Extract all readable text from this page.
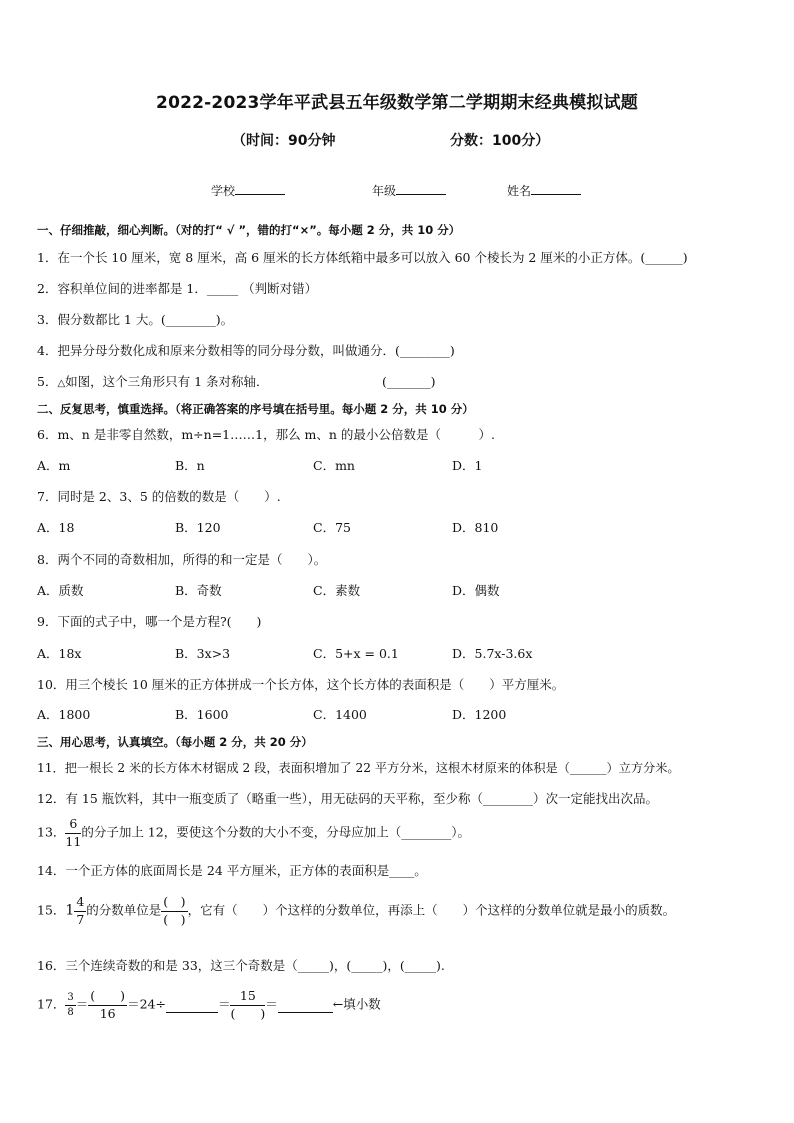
2022-2023学年平武县五年级数学第二学期期末经典模拟试题
（时间：90分钟	分数：100分）
学校	年级	姓名
一、仔细推敲，细心判断。（对的打“ √ ”，错的打“×”。每小题 2 分，共 10 分）
1．在一个长 10 厘米，宽 8 厘米，高 6 厘米的长方体纸箱中最多可以放入 60 个棱长为 2 厘米的小正方体。(______)
2．容积单位间的进率都是 1．_____ （判断对错）
3．假分数都比 1 大。(________)。
4．把异分母分数化成和原来分数相等的同分母分数，叫做通分．(________)
5．△如图，这个三角形只有 1 条对称轴．	(_______)
二、反复思考，慎重选择。（将正确答案的序号填在括号里。每小题 2 分，共 10 分）
6．m、n 是非零自然数，m÷n=1……1，那么 m、n 的最小公倍数是（　　　）.
A．m	B．n	C．mn	D．1
7．同时是 2、3、5 的倍数的数是（　　）.
A．18	B．120	C．75	D．810
8．两个不同的奇数相加，所得的和一定是（　　）。
A．质数	B．奇数	C．素数	D．偶数
9．下面的式子中，哪一个是方程?(　　)
A．18x	B．3x>3	C．5+x = 0.1	D．5.7x-3.6x
10．用三个棱长 10 厘米的正方体拼成一个长方体，这个长方体的表面积是（　　）平方厘米。
A．1800	B．1600	C．1400	D．1200
三、用心思考，认真填空。（每小题 2 分，共 20 分）
11．把一根长 2 米的长方体木材锯成 2 段，表面积增加了 22 平方分米，这根木材原来的体积是（______）立方分米。
12．有 15 瓶饮料，其中一瓶变质了（略重一些），用无砝码的天平称，至少称（________）次一定能找出次品。
13． $\frac{6}{11}$ 的分子加上 12，要使这个分数的大小不变，分母应加上（________）。
14．一个正方体的底面周长是 24 平方厘米，正方体的表面积是____。
15．$1 \frac{4}{7}$ 的分数单位是 $\frac{( )}{( )}$ ，它有（　　）个这样的分数单位，再添上（　　）个这样的分数单位就是最小的质数。
16．三个连续奇数的和是 33，这三个奇数是（_____)，(_____)，(_____).
17． $\frac{3}{8} = \frac{( )}{16} =24\div$	＝ $\frac{15}{( )}$ ＝	←填小数
